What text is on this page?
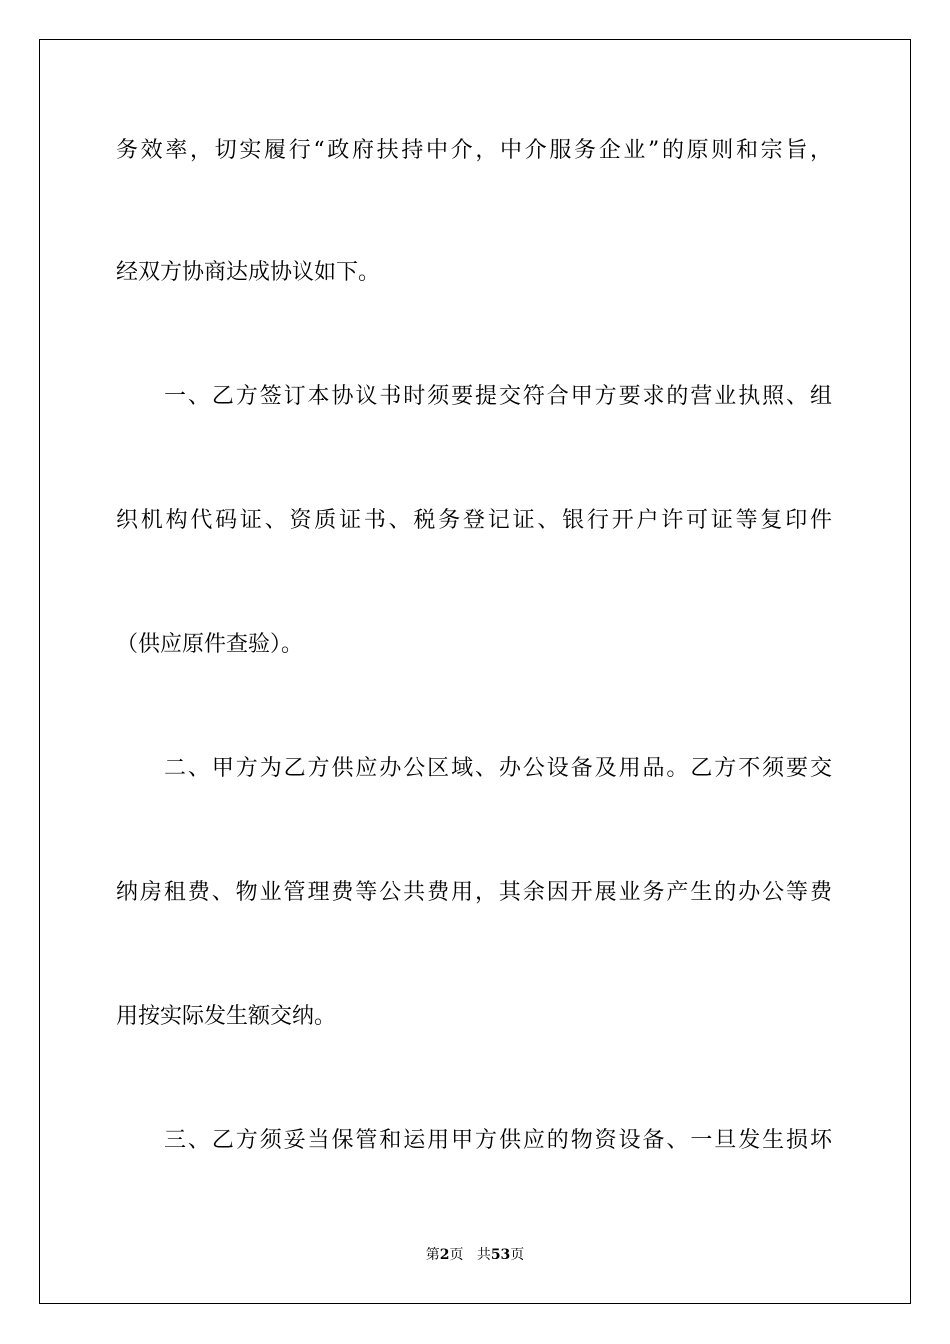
务效率，切实履行“政府扶持中介，中介服务企业”的原则和宗旨，
经双方协商达成协议如下。
一、乙方签订本协议书时须要提交符合甲方要求的营业执照、组
织机构代码证、资质证书、税务登记证、银行开户许可证等复印件
（供应原件查验）。
二、甲方为乙方供应办公区域、办公设备及用品。乙方不须要交
纳房租费、物业管理费等公共费用，其余因开展业务产生的办公等费
用按实际发生额交纳。
三、乙方须妥当保管和运用甲方供应的物资设备、一旦发生损坏
第2页 共53页
